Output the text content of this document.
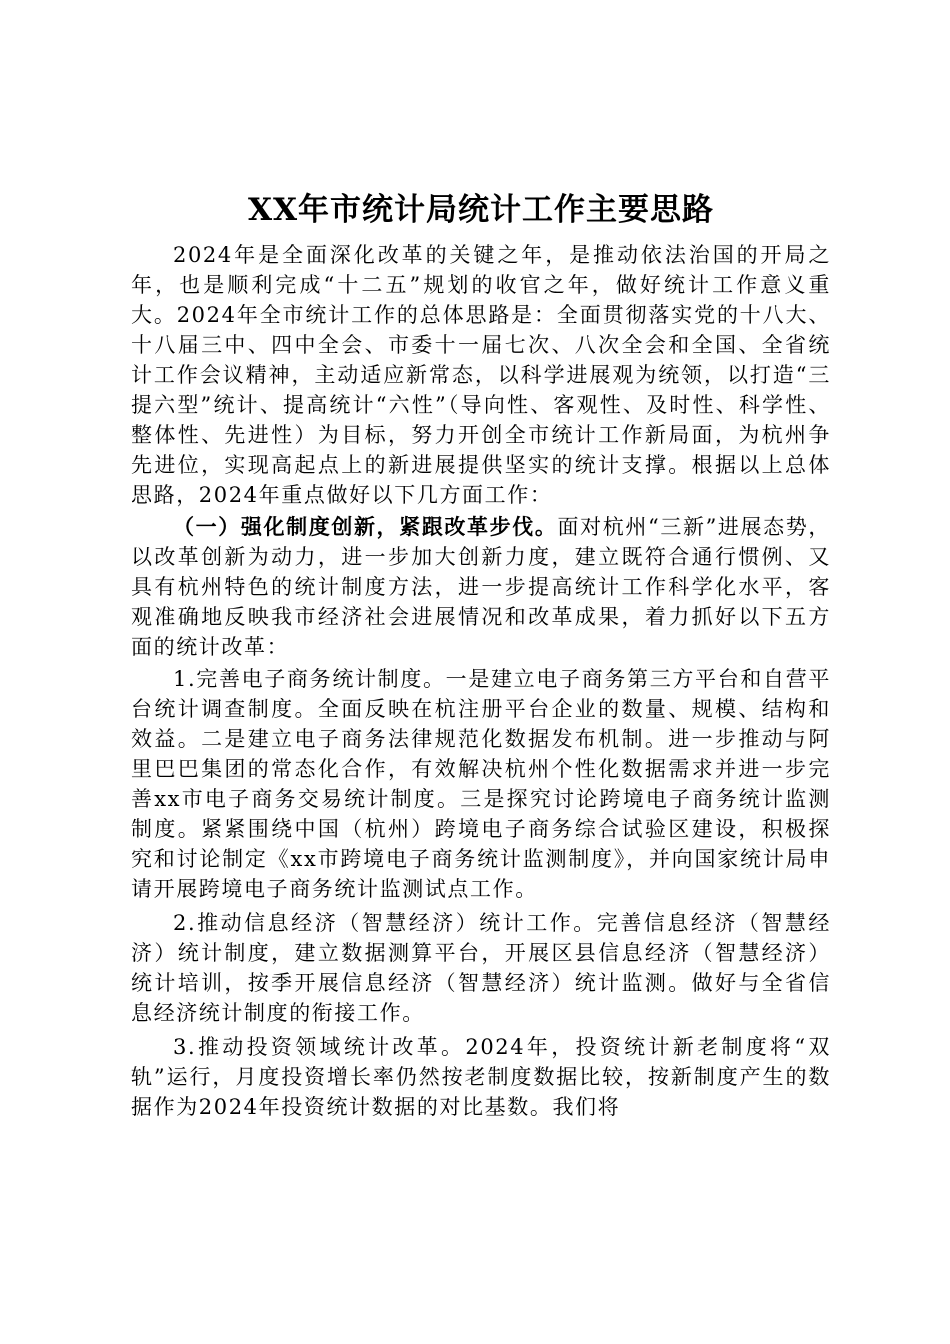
XX年市统计局统计工作主要思路

2024年是全面深化改革的关键之年，是推动依法治国的开局之年，也是顺利完成“十二五”规划的收官之年，做好统计工作意义重大。2024年全市统计工作的总体思路是：全面贯彻落实党的十八大、十八届三中、四中全会、市委十一届七次、八次全会和全国、全省统计工作会议精神，主动适应新常态，以科学进展观为统领，以打造“三提六型”统计、提高统计“六性”（导向性、客观性、及时性、科学性、整体性、先进性）为目标，努力开创全市统计工作新局面，为杭州争先进位，实现高起点上的新进展提供坚实的统计支撑。根据以上总体思路，2024年重点做好以下几方面工作：

（一）强化制度创新，紧跟改革步伐。面对杭州“三新”进展态势，以改革创新为动力，进一步加大创新力度，建立既符合通行惯例、又具有杭州特色的统计制度方法，进一步提高统计工作科学化水平，客观准确地反映我市经济社会进展情况和改革成果，着力抓好以下五方面的统计改革：

1.完善电子商务统计制度。一是建立电子商务第三方平台和自营平台统计调查制度。全面反映在杭注册平台企业的数量、规模、结构和效益。二是建立电子商务法律规范化数据发布机制。进一步推动与阿里巴巴集团的常态化合作，有效解决杭州个性化数据需求并进一步完善xx市电子商务交易统计制度。三是探究讨论跨境电子商务统计监测制度。紧紧围绕中国（杭州）跨境电子商务综合试验区建设，积极探究和讨论制定《xx市跨境电子商务统计监测制度》，并向国家统计局申请开展跨境电子商务统计监测试点工作。

2.推动信息经济（智慧经济）统计工作。完善信息经济（智慧经济）统计制度，建立数据测算平台，开展区县信息经济（智慧经济）统计培训，按季开展信息经济（智慧经济）统计监测。做好与全省信息经济统计制度的衔接工作。

3.推动投资领域统计改革。2024年，投资统计新老制度将“双轨”运行，月度投资增长率仍然按老制度数据比较，按新制度产生的数据作为2024年投资统计数据的对比基数。我们将
